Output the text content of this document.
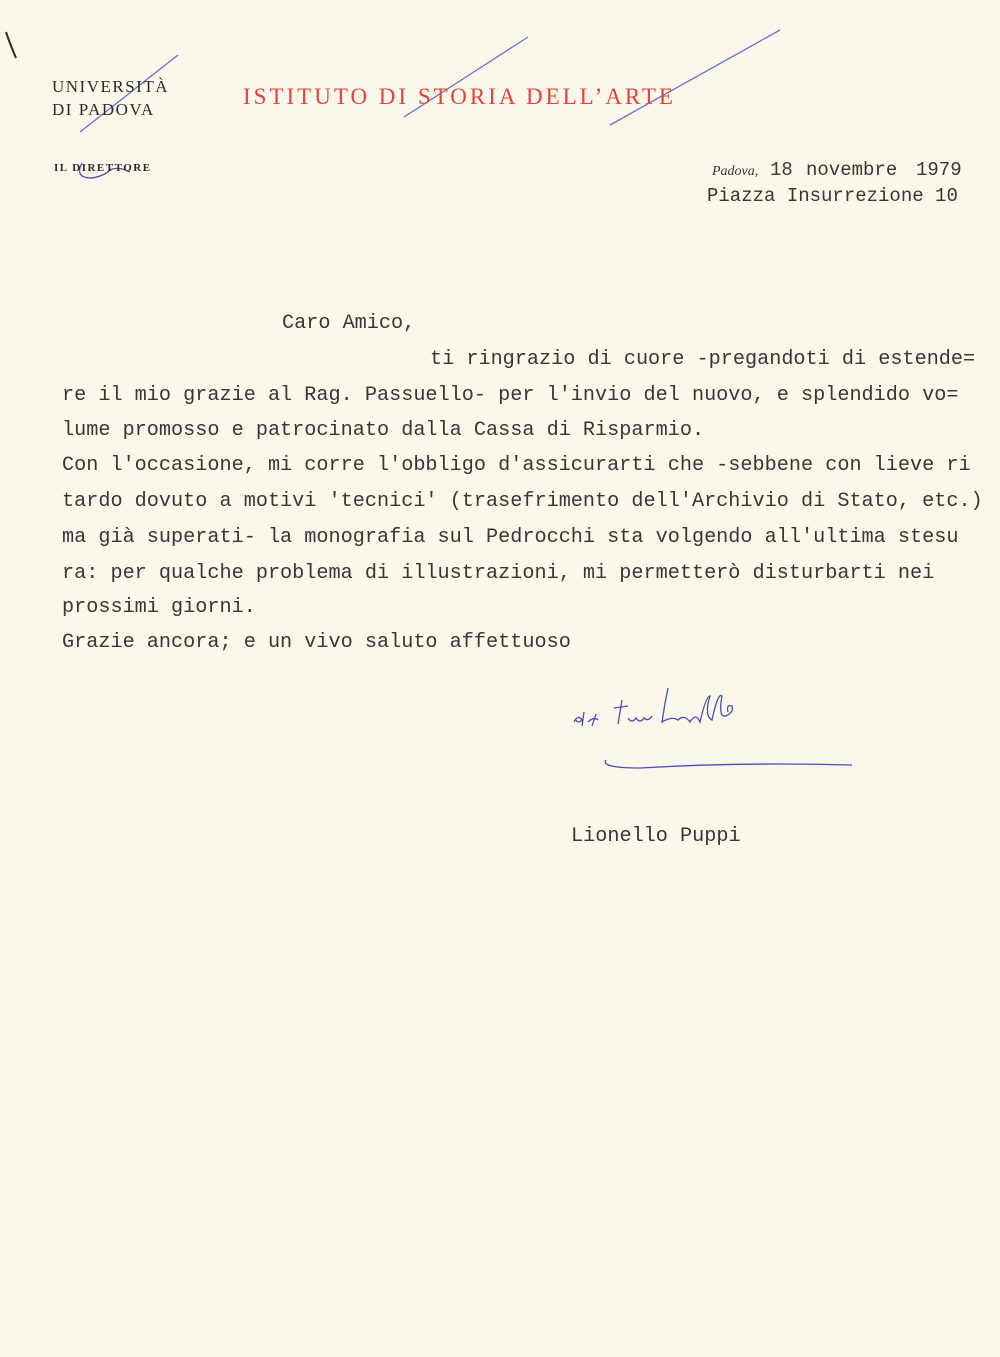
UNIVERSITÀ
DI PADOVA
ISTITUTO DI STORIA DELL’ARTE
IL DIRETTORE	Padova, 18 novembre 1979
Piazza Insurrezione 10
Caro Amico,
ti ringrazio di cuore -pregandoti di estende=
re il mio grazie al Rag. Passuello- per l'invio del nuovo, e splendido vo=
lume promosso e patrocinato dalla Cassa di Risparmio.
Con l'occasione, mi corre l'obbligo d'assicurarti che -sebbene con lieve ri
tardo dovuto a motivi 'tecnici' (trasefrimento dell'Archivio di Stato, etc.)
ma già superati- la monografia sul Pedrocchi sta volgendo all'ultima stesu
ra: per qualche problema di illustrazioni, mi permetterò disturbarti nei
prossimi giorni.
Grazie ancora; e un vivo saluto affettuoso
Lionello Puppi
